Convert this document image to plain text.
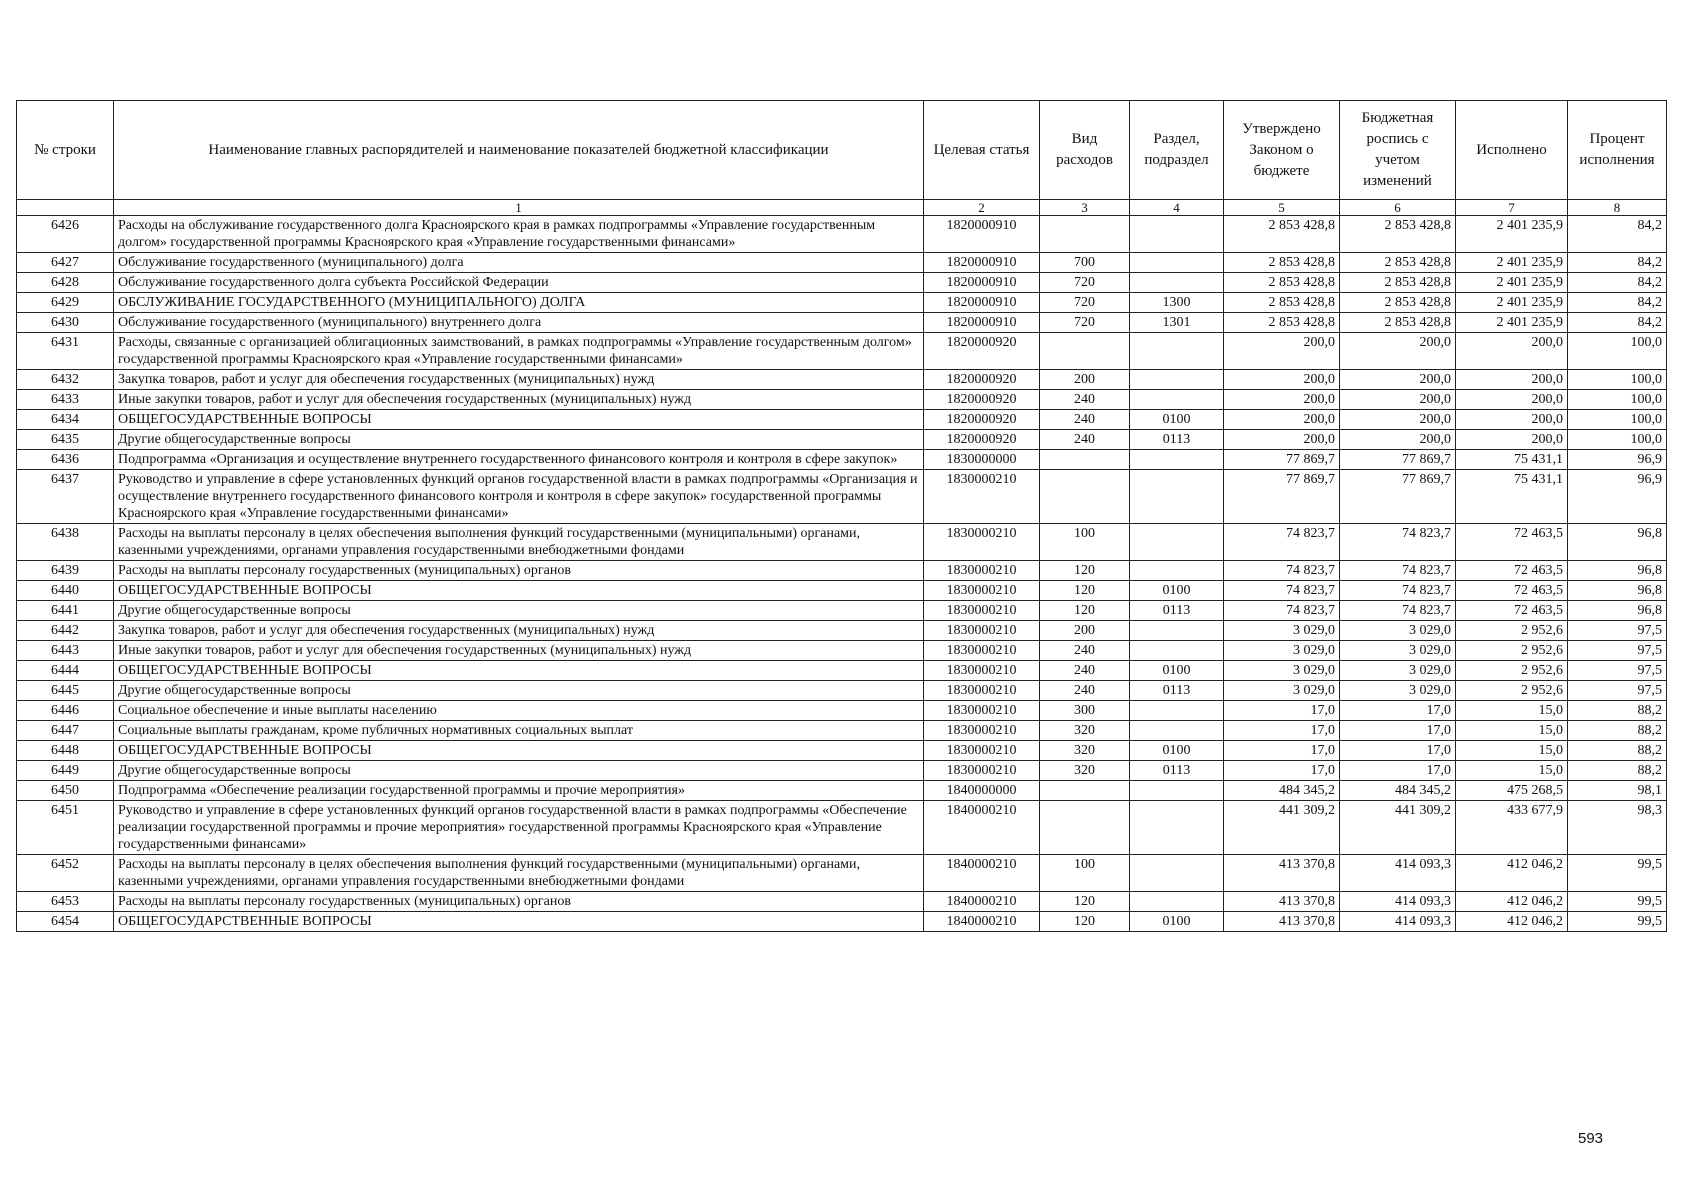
№ строки	Наименование главных распорядителей и наименование показателей бюджетной классификации	Целевая статья	Вид расходов	Раздел, подраздел	Утверждено Законом о бюджете	Бюджетная роспись с учетом изменений	Исполнено	Процент исполнения
	1	2	3	4	5	6	7	8
6426	Расходы на обслуживание государственного долга Красноярского края в рамках подпрограммы «Управление государственным долгом» государственной программы Красноярского края «Управление государственными финансами»	1820000910			2 853 428,8	2 853 428,8	2 401 235,9	84,2
6427	Обслуживание государственного (муниципального) долга	1820000910	700		2 853 428,8	2 853 428,8	2 401 235,9	84,2
6428	Обслуживание государственного долга субъекта Российской Федерации	1820000910	720		2 853 428,8	2 853 428,8	2 401 235,9	84,2
6429	ОБСЛУЖИВАНИЕ ГОСУДАРСТВЕННОГО (МУНИЦИПАЛЬНОГО) ДОЛГА	1820000910	720	1300	2 853 428,8	2 853 428,8	2 401 235,9	84,2
6430	Обслуживание государственного (муниципального) внутреннего долга	1820000910	720	1301	2 853 428,8	2 853 428,8	2 401 235,9	84,2
6431	Расходы, связанные с организацией облигационных заимствований, в рамках подпрограммы «Управление государственным долгом» государственной программы Красноярского края «Управление государственными финансами»	1820000920			200,0	200,0	200,0	100,0
6432	Закупка товаров, работ и услуг для обеспечения государственных (муниципальных) нужд	1820000920	200		200,0	200,0	200,0	100,0
6433	Иные закупки товаров, работ и услуг для обеспечения государственных (муниципальных) нужд	1820000920	240		200,0	200,0	200,0	100,0
6434	ОБЩЕГОСУДАРСТВЕННЫЕ ВОПРОСЫ	1820000920	240	0100	200,0	200,0	200,0	100,0
6435	Другие общегосударственные вопросы	1820000920	240	0113	200,0	200,0	200,0	100,0
6436	Подпрограмма «Организация и осуществление внутреннего государственного финансового контроля и контроля в сфере закупок»	1830000000			77 869,7	77 869,7	75 431,1	96,9
6437	Руководство и управление в сфере установленных функций органов государственной власти в рамках подпрограммы «Организация и осуществление внутреннего государственного финансового контроля и контроля в сфере закупок» государственной программы Красноярского края «Управление государственными финансами»	1830000210			77 869,7	77 869,7	75 431,1	96,9
6438	Расходы на выплаты персоналу в целях обеспечения выполнения функций государственными (муниципальными) органами, казенными учреждениями, органами управления государственными внебюджетными фондами	1830000210	100		74 823,7	74 823,7	72 463,5	96,8
6439	Расходы на выплаты персоналу государственных (муниципальных) органов	1830000210	120		74 823,7	74 823,7	72 463,5	96,8
6440	ОБЩЕГОСУДАРСТВЕННЫЕ ВОПРОСЫ	1830000210	120	0100	74 823,7	74 823,7	72 463,5	96,8
6441	Другие общегосударственные вопросы	1830000210	120	0113	74 823,7	74 823,7	72 463,5	96,8
6442	Закупка товаров, работ и услуг для обеспечения государственных (муниципальных) нужд	1830000210	200		3 029,0	3 029,0	2 952,6	97,5
6443	Иные закупки товаров, работ и услуг для обеспечения государственных (муниципальных) нужд	1830000210	240		3 029,0	3 029,0	2 952,6	97,5
6444	ОБЩЕГОСУДАРСТВЕННЫЕ ВОПРОСЫ	1830000210	240	0100	3 029,0	3 029,0	2 952,6	97,5
6445	Другие общегосударственные вопросы	1830000210	240	0113	3 029,0	3 029,0	2 952,6	97,5
6446	Социальное обеспечение и иные выплаты населению	1830000210	300		17,0	17,0	15,0	88,2
6447	Социальные выплаты гражданам, кроме публичных нормативных социальных выплат	1830000210	320		17,0	17,0	15,0	88,2
6448	ОБЩЕГОСУДАРСТВЕННЫЕ ВОПРОСЫ	1830000210	320	0100	17,0	17,0	15,0	88,2
6449	Другие общегосударственные вопросы	1830000210	320	0113	17,0	17,0	15,0	88,2
6450	Подпрограмма «Обеспечение реализации государственной программы и прочие мероприятия»	1840000000			484 345,2	484 345,2	475 268,5	98,1
6451	Руководство и управление в сфере установленных функций органов государственной власти в рамках подпрограммы «Обеспечение реализации государственной программы и прочие мероприятия» государственной программы Красноярского края «Управление государственными финансами»	1840000210			441 309,2	441 309,2	433 677,9	98,3
6452	Расходы на выплаты персоналу в целях обеспечения выполнения функций государственными (муниципальными) органами, казенными учреждениями, органами управления государственными внебюджетными фондами	1840000210	100		413 370,8	414 093,3	412 046,2	99,5
6453	Расходы на выплаты персоналу государственных (муниципальных) органов	1840000210	120		413 370,8	414 093,3	412 046,2	99,5
6454	ОБЩЕГОСУДАРСТВЕННЫЕ ВОПРОСЫ	1840000210	120	0100	413 370,8	414 093,3	412 046,2	99,5
593
